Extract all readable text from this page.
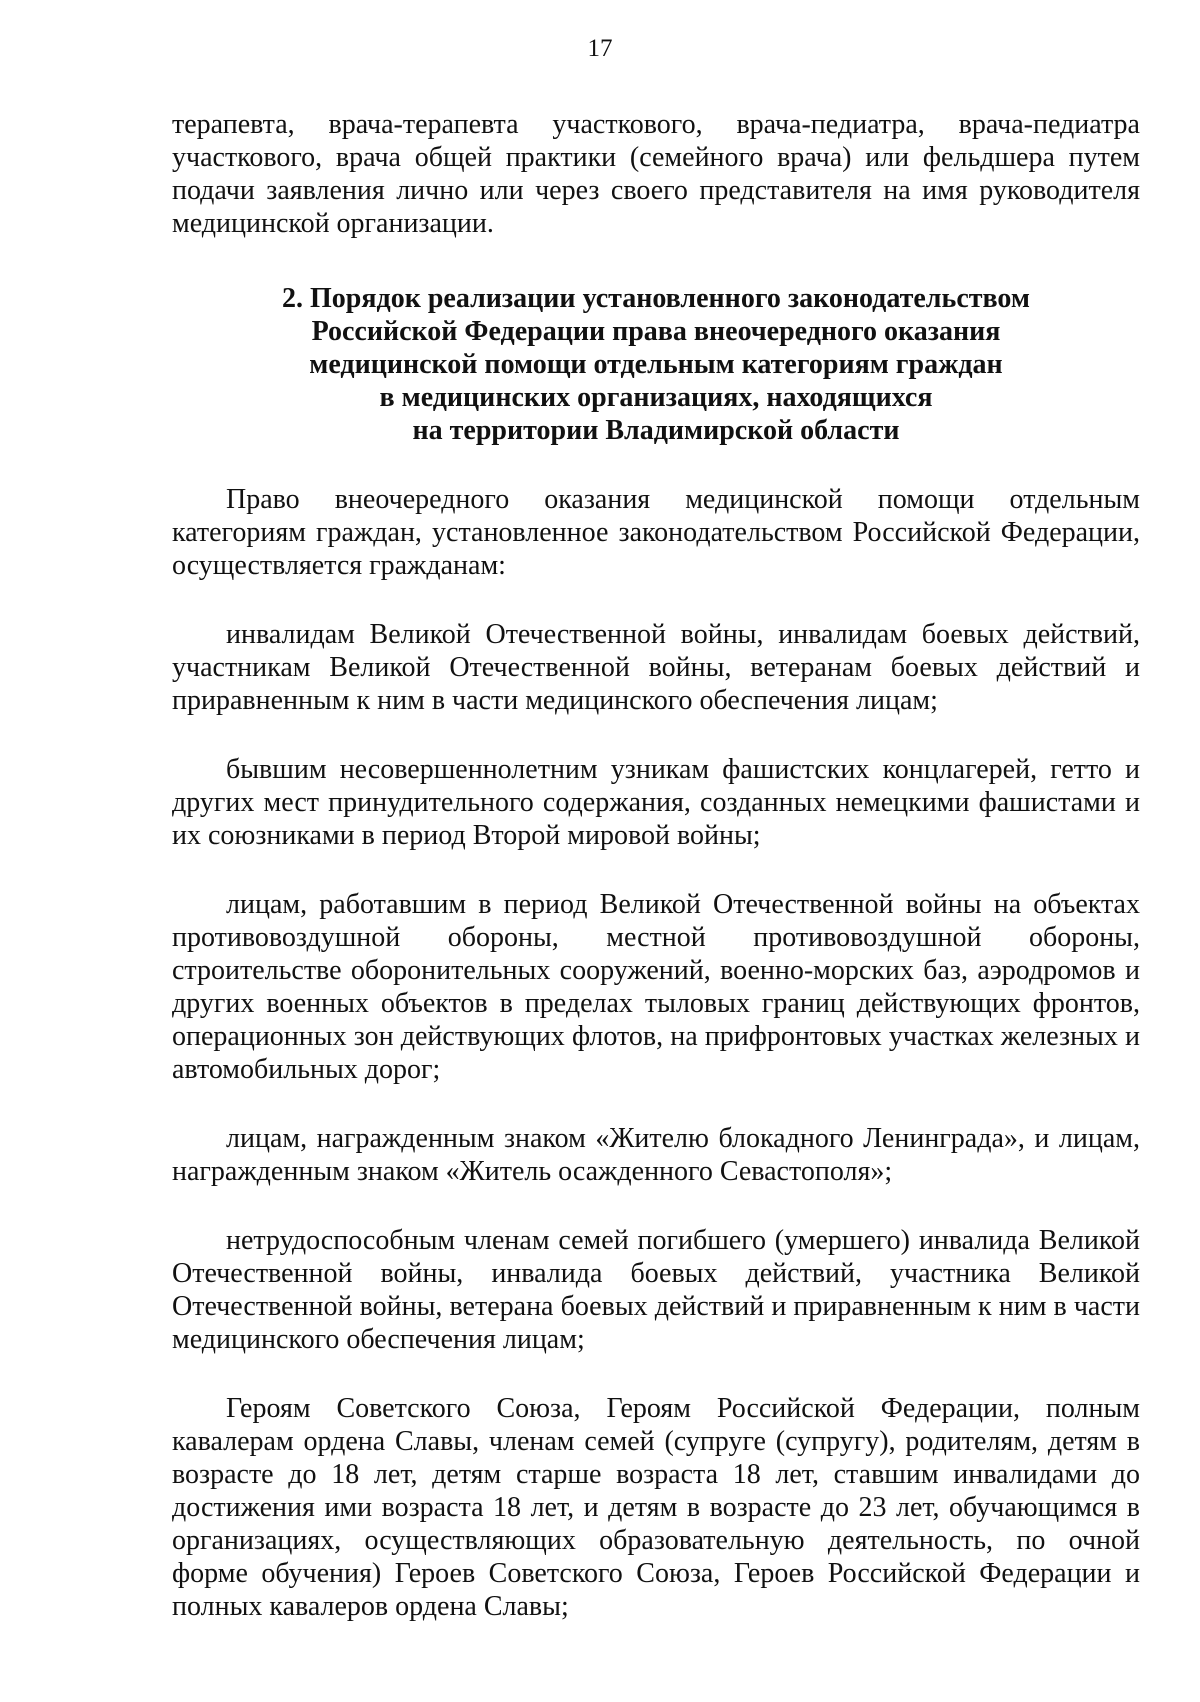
17

терапевта, врача-терапевта участкового, врача-педиатра, врача-педиатра участкового, врача общей практики (семейного врача) или фельдшера путем подачи заявления лично или через своего представителя на имя руководителя медицинской организации.

2. Порядок реализации установленного законодательством
Российской Федерации права внеочередного оказания
медицинской помощи отдельным категориям граждан
в медицинских организациях, находящихся
на территории Владимирской области

Право внеочередного оказания медицинской помощи отдельным категориям граждан, установленное законодательством Российской Федерации, осуществляется гражданам:

инвалидам Великой Отечественной войны, инвалидам боевых действий, участникам Великой Отечественной войны, ветеранам боевых действий и приравненным к ним в части медицинского обеспечения лицам;

бывшим несовершеннолетним узникам фашистских концлагерей, гетто и других мест принудительного содержания, созданных немецкими фашистами и их союзниками в период Второй мировой войны;

лицам, работавшим в период Великой Отечественной войны на объектах противовоздушной обороны, местной противовоздушной обороны, строительстве оборонительных сооружений, военно-морских баз, аэродромов и других военных объектов в пределах тыловых границ действующих фронтов, операционных зон действующих флотов, на прифронтовых участках железных и автомобильных дорог;

лицам, награжденным знаком «Жителю блокадного Ленинграда», и лицам, награжденным знаком «Житель осажденного Севастополя»;

нетрудоспособным членам семей погибшего (умершего) инвалида Великой Отечественной войны, инвалида боевых действий, участника Великой Отечественной войны, ветерана боевых действий и приравненным к ним в части медицинского обеспечения лицам;

Героям Советского Союза, Героям Российской Федерации, полным кавалерам ордена Славы, членам семей (супруге (супругу), родителям, детям в возрасте до 18 лет, детям старше возраста 18 лет, ставшим инвалидами до достижения ими возраста 18 лет, и детям в возрасте до 23 лет, обучающимся в организациях, осуществляющих образовательную деятельность, по очной форме обучения) Героев Советского Союза, Героев Российской Федерации и полных кавалеров ордена Славы;
